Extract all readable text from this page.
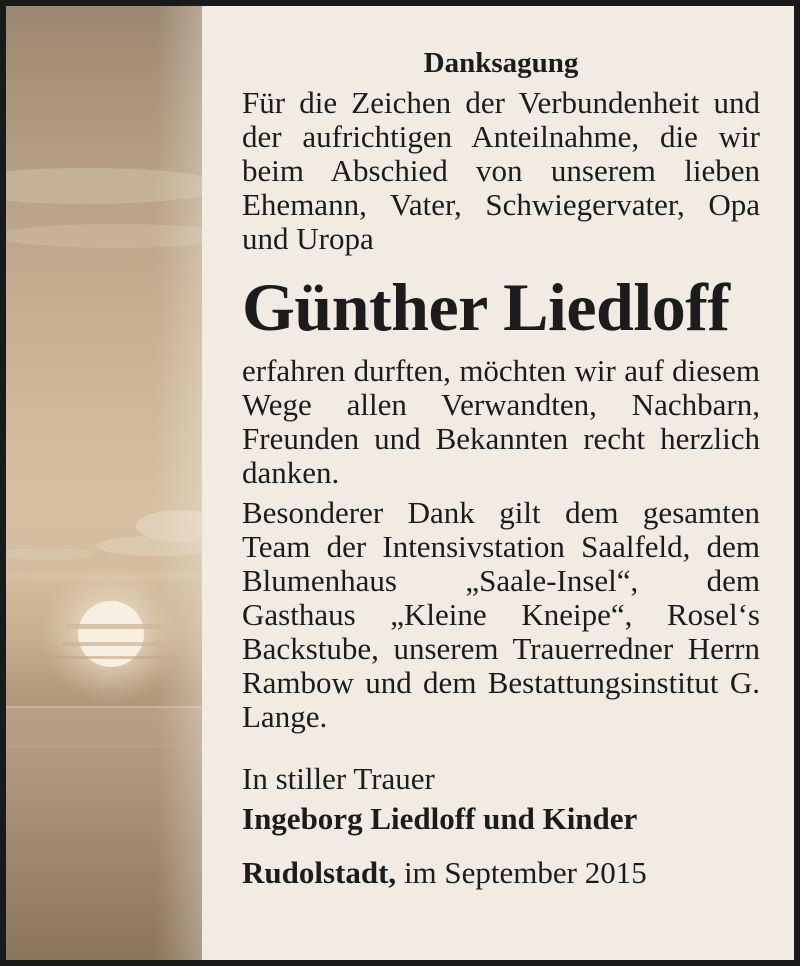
Danksagung

Für die Zeichen der Verbundenheit und der aufrichtigen Anteilnahme, die wir beim Abschied von unserem lieben Ehemann, Vater, Schwiegervater, Opa und Uropa

Günther Liedloff

erfahren durften, möchten wir auf diesem Wege allen Verwandten, Nachbarn, Freunden und Bekannten recht herzlich danken.

Besonderer Dank gilt dem gesamten Team der Intensivstation Saalfeld, dem Blumenhaus „Saale-Insel“, dem Gasthaus „Kleine Kneipe“, Rosel‘s Backstube, unserem Trauerredner Herrn Rambow und dem Bestattungsinstitut G. Lange.

In stiller Trauer
Ingeborg Liedloff und Kinder
Rudolstadt, im September 2015
